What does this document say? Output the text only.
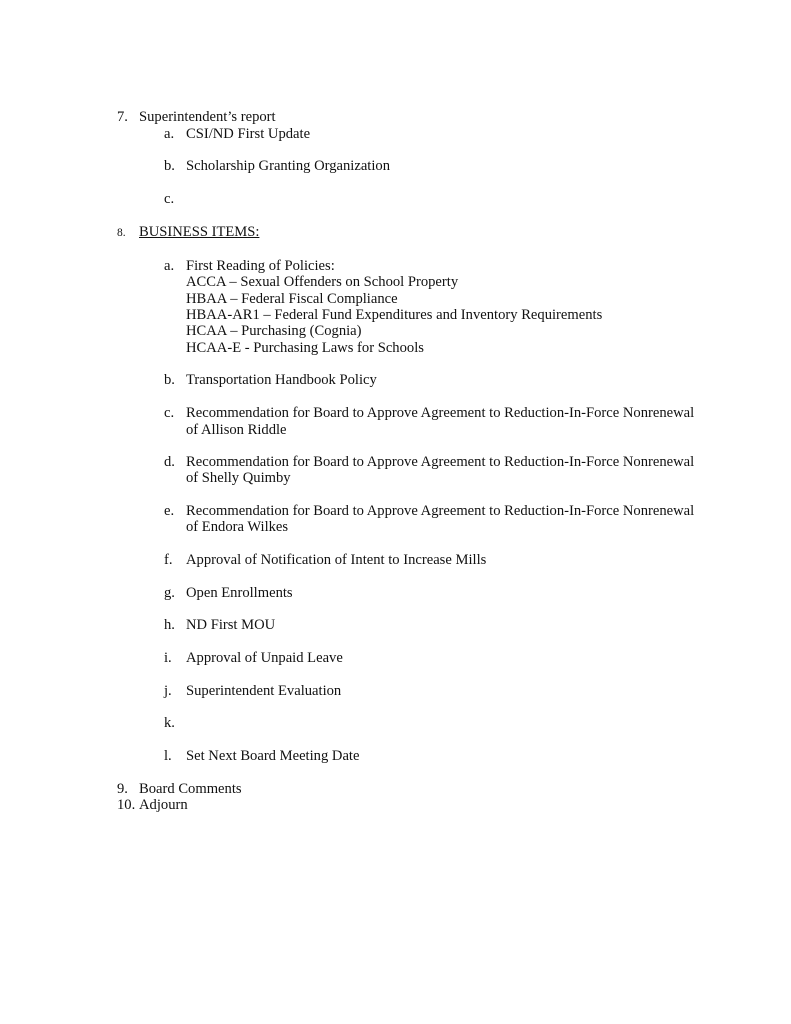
7. Superintendent’s report
a. CSI/ND First Update
b. Scholarship Granting Organization
c.
8. BUSINESS ITEMS:
a. First Reading of Policies:
ACCA – Sexual Offenders on School Property
HBAA – Federal Fiscal Compliance
HBAA-AR1 – Federal Fund Expenditures and Inventory Requirements
HCAA – Purchasing (Cognia)
HCAA-E - Purchasing Laws for Schools
b. Transportation Handbook Policy
c. Recommendation for Board to Approve Agreement to Reduction-In-Force Nonrenewal
of Allison Riddle
d. Recommendation for Board to Approve Agreement to Reduction-In-Force Nonrenewal
of Shelly Quimby
e. Recommendation for Board to Approve Agreement to Reduction-In-Force Nonrenewal
of Endora Wilkes
f. Approval of Notification of Intent to Increase Mills
g. Open Enrollments
h. ND First MOU
i. Approval of Unpaid Leave
j. Superintendent Evaluation
k.
l. Set Next Board Meeting Date
9. Board Comments
10. Adjourn
